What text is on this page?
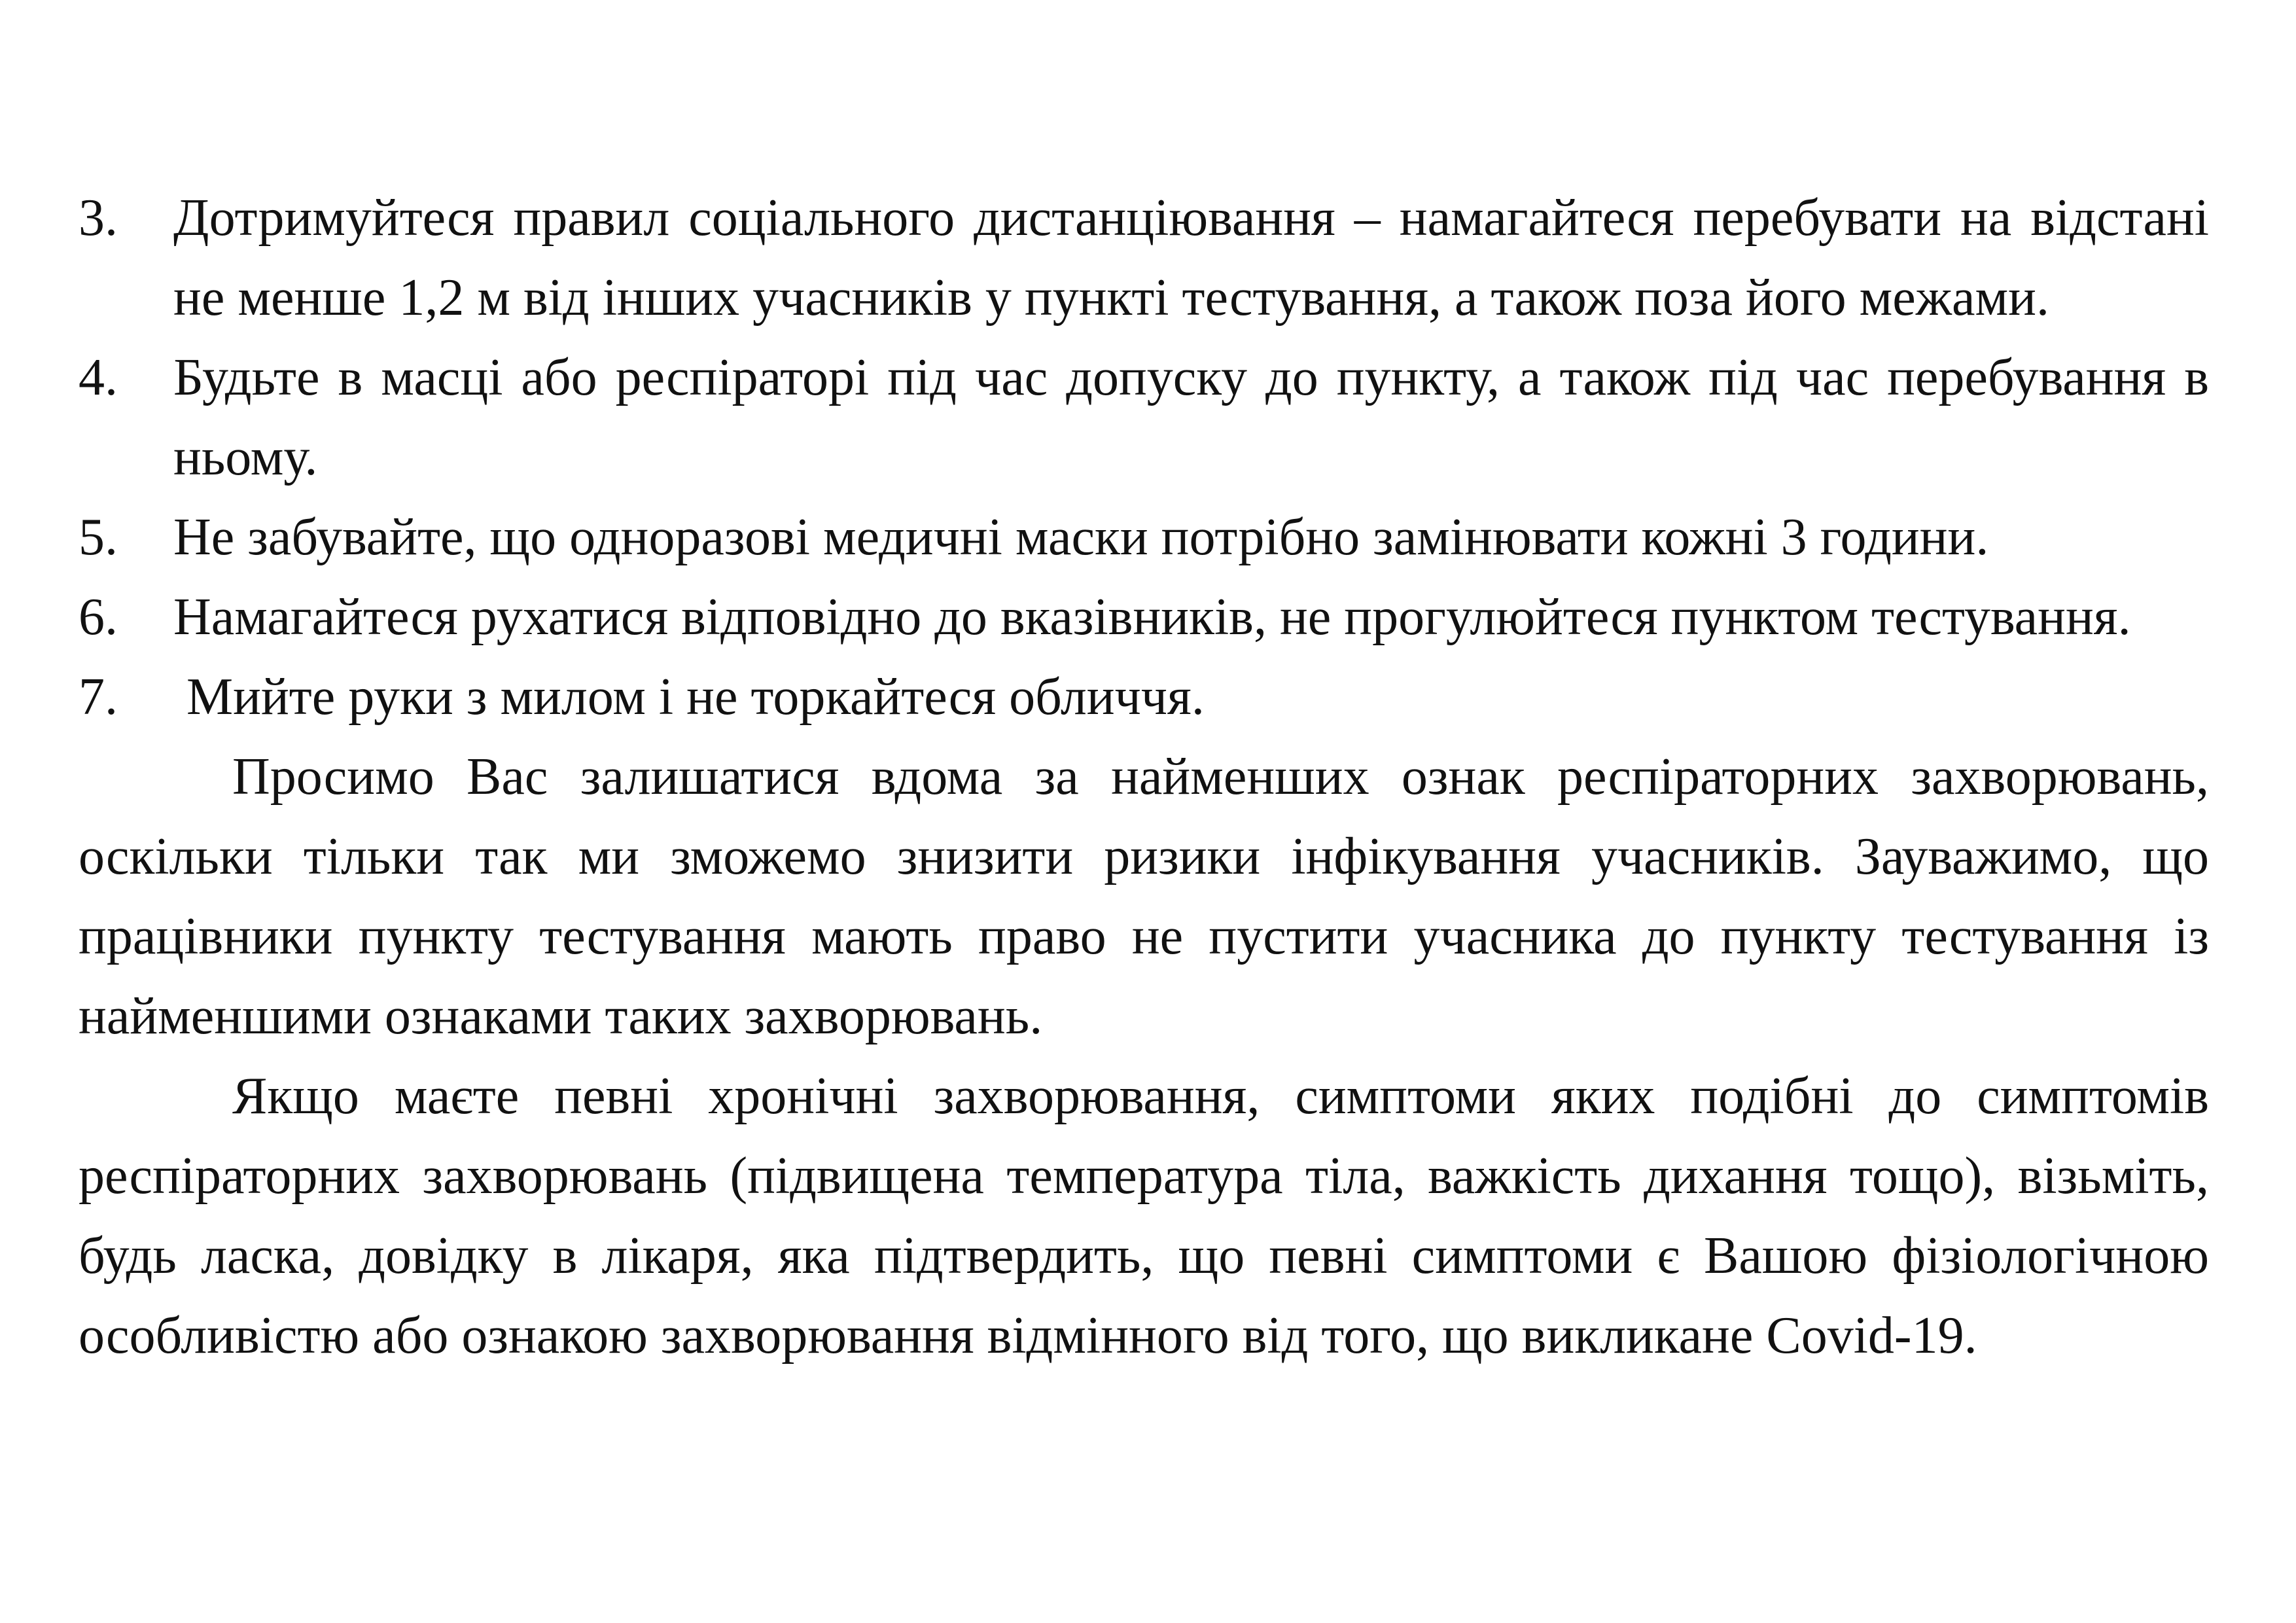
3.	Дотримуйтеся правил соціального дистанціювання – намагайтеся перебувати на відстані не менше 1,2 м від інших учасників у пункті тестування, а також поза його межами.
4.	Будьте в масці або респіраторі під час допуску до пункту, а також під час перебування в ньому.
5.	Не забувайте, що одноразові медичні маски потрібно замінювати кожні 3 години.
6.	Намагайтеся рухатися відповідно до вказівників, не прогулюйтеся пунктом тестування.
7.	Мийте руки з милом і не торкайтеся обличчя.

Просимо Вас залишатися вдома за найменших ознак респіраторних захворювань, оскільки тільки так ми зможемо знизити ризики інфікування учасників. Зауважимо, що працівники пункту тестування мають право не пустити учасника до пункту тестування із найменшими ознаками таких захворювань.

Якщо маєте певні хронічні захворювання, симптоми яких подібні до симптомів респіраторних захворювань (підвищена температура тіла, важкість дихання тощо), візьміть, будь ласка, довідку в лікаря, яка підтвердить, що певні симптоми є Вашою фізіологічною особливістю або ознакою захворювання відмінного від того, що викликане Covid-19.
